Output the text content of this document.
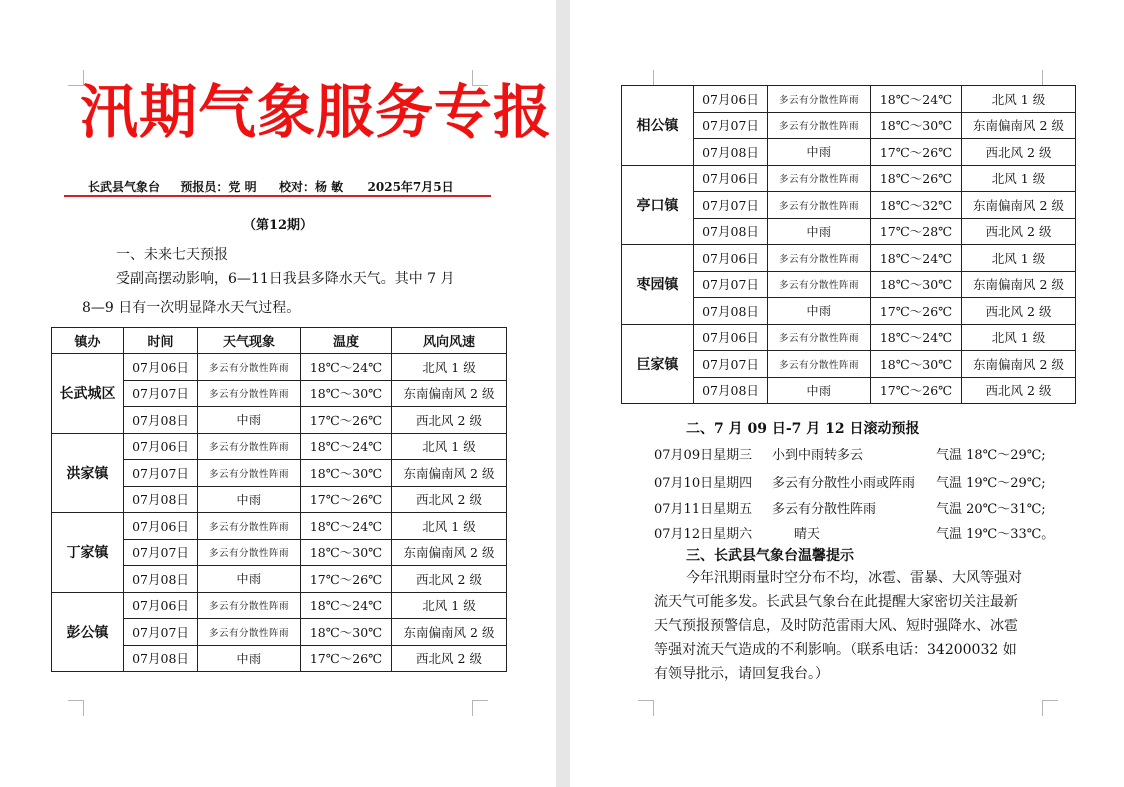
汛期气象服务专报
长武县气象台 预报员：党 明 校对：杨 敏 2025年7月5日
（第12期）
一、未来七天预报
受副高摆动影响，6—11日我县多降水天气。其中 7 月
8—9 日有一次明显降水天气过程。
镇办	时间	天气现象	温度	风向风速
长武城区	07月06日	多云有分散性阵雨	18℃～24℃	北风 1 级
	07月07日	多云有分散性阵雨	18℃～30℃	东南偏南风 2 级
	07月08日	中雨	17℃～26℃	西北风 2 级
洪家镇	07月06日	多云有分散性阵雨	18℃～24℃	北风 1 级
	07月07日	多云有分散性阵雨	18℃～30℃	东南偏南风 2 级
	07月08日	中雨	17℃～26℃	西北风 2 级
丁家镇	07月06日	多云有分散性阵雨	18℃～24℃	北风 1 级
	07月07日	多云有分散性阵雨	18℃～30℃	东南偏南风 2 级
	07月08日	中雨	17℃～26℃	西北风 2 级
彭公镇	07月06日	多云有分散性阵雨	18℃～24℃	北风 1 级
	07月07日	多云有分散性阵雨	18℃～30℃	东南偏南风 2 级
	07月08日	中雨	17℃～26℃	西北风 2 级
相公镇	07月06日	多云有分散性阵雨	18℃～24℃	北风 1 级
	07月07日	多云有分散性阵雨	18℃～30℃	东南偏南风 2 级
	07月08日	中雨	17℃～26℃	西北风 2 级
亭口镇	07月06日	多云有分散性阵雨	18℃～26℃	北风 1 级
	07月07日	多云有分散性阵雨	18℃～32℃	东南偏南风 2 级
	07月08日	中雨	17℃～28℃	西北风 2 级
枣园镇	07月06日	多云有分散性阵雨	18℃～24℃	北风 1 级
	07月07日	多云有分散性阵雨	18℃～30℃	东南偏南风 2 级
	07月08日	中雨	17℃～26℃	西北风 2 级
巨家镇	07月06日	多云有分散性阵雨	18℃～24℃	北风 1 级
	07月07日	多云有分散性阵雨	18℃～30℃	东南偏南风 2 级
	07月08日	中雨	17℃～26℃	西北风 2 级
二、7 月 09 日-7 月 12 日滚动预报
07月09日星期三 小到中雨转多云	气温 18℃～29℃;
07月10日星期四 多云有分散性小雨或阵雨 气温 19℃～29℃;
07月11日星期五 多云有分散性阵雨	气温 20℃～31℃;
07月12日星期六	晴天	气温 19℃～33℃。
三、长武县气象台温馨提示
今年汛期雨量时空分布不均，冰雹、雷暴、大风等强对
流天气可能多发。长武县气象台在此提醒大家密切关注最新
天气预报预警信息，及时防范雷雨大风、短时强降水、冰雹
等强对流天气造成的不利影响。（联系电话：34200032 如
有领导批示，请回复我台。）
